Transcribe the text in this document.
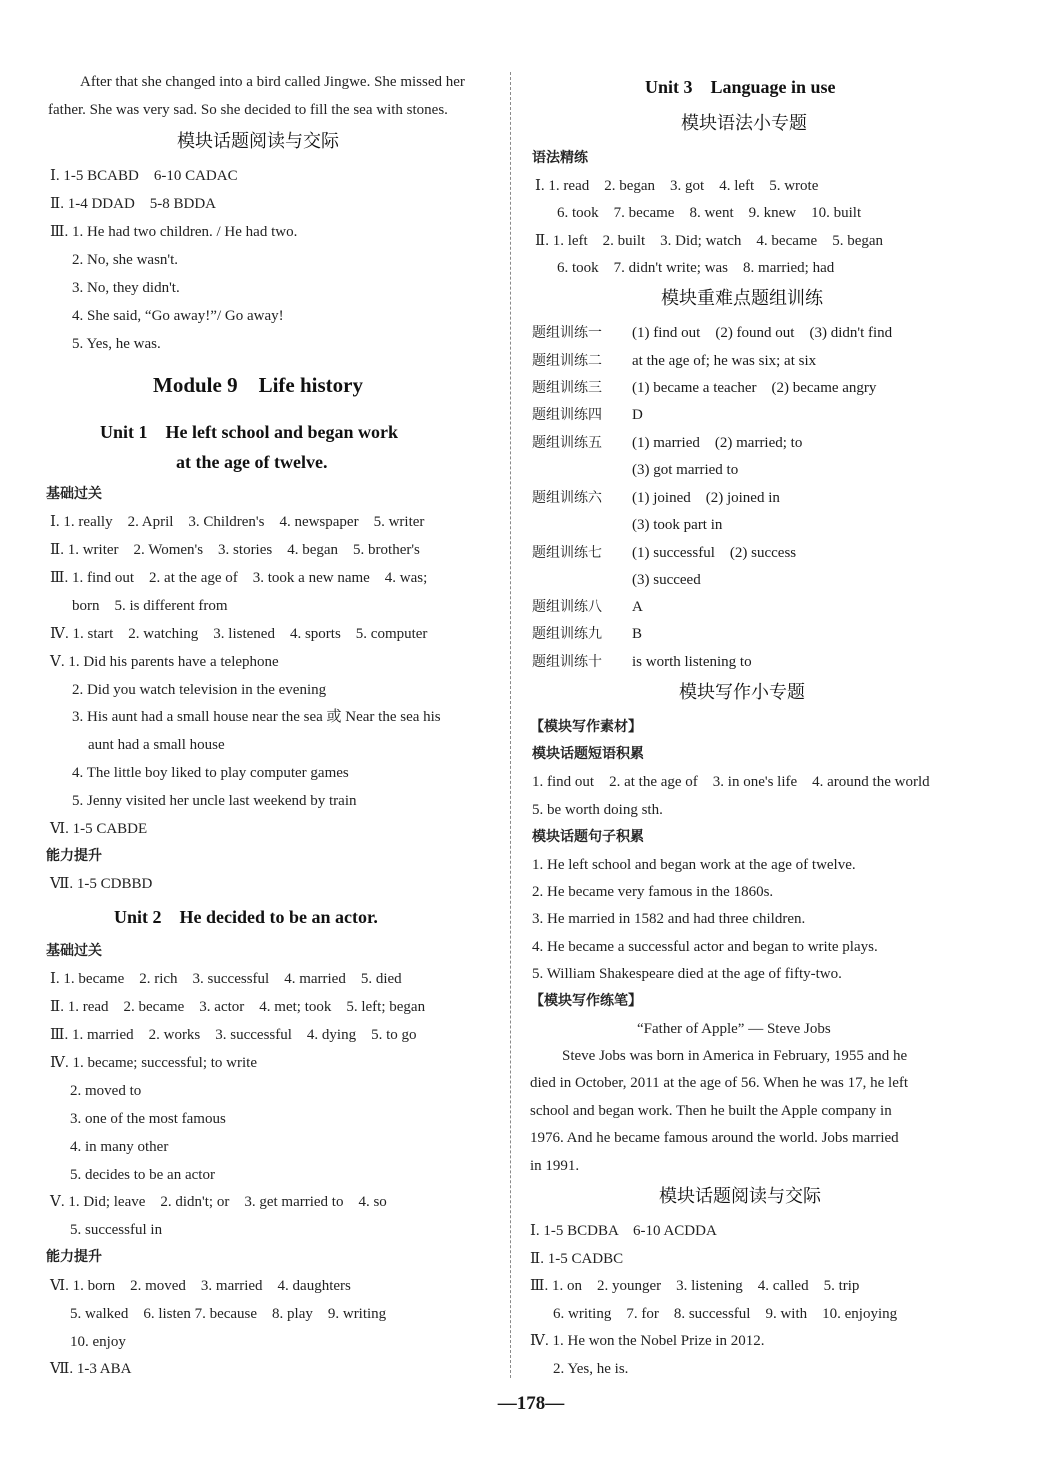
After that she changed into a bird called Jingwe. She missed her
father. She was very sad. So she decided to fill the sea with stones.
模块话题阅读与交际
Ⅰ. 1-5 BCABD　6-10 CADAC
Ⅱ. 1-4 DDAD　5-8 BDDA
Ⅲ. 1. He had two children. / He had two.
2. No, she wasn't.
3. No, they didn't.
4. She said, “Go away!”/ Go away!
5. Yes, he was.
Module 9　Life history
Unit 1　He left school and began work
at the age of twelve.
基础过关
Ⅰ. 1. really　2. April　3. Children's　4. newspaper　5. writer
Ⅱ. 1. writer　2. Women's　3. stories　4. began　5. brother's
Ⅲ. 1. find out　2. at the age of　3. took a new name　4. was;
born　5. is different from
Ⅳ. 1. start　2. watching　3. listened　4. sports　5. computer
Ⅴ. 1. Did his parents have a telephone
2. Did you watch television in the evening
3. His aunt had a small house near the sea 或 Near the sea his
aunt had a small house
4. The little boy liked to play computer games
5. Jenny visited her uncle last weekend by train
Ⅵ. 1-5 CABDE
能力提升
Ⅶ. 1-5 CDBBD
Unit 2　He decided to be an actor.
基础过关
Ⅰ. 1. became　2. rich　3. successful　4. married　5. died
Ⅱ. 1. read　2. became　3. actor　4. met; took　5. left; began
Ⅲ. 1. married　2. works　3. successful　4. dying　5. to go
Ⅳ. 1. became; successful; to write
2. moved to
3. one of the most famous
4. in many other
5. decides to be an actor
Ⅴ. 1. Did; leave　2. didn't; or　3. get married to　4. so
5. successful in
能力提升
Ⅵ. 1. born　2. moved　3. married　4. daughters
5. walked　6. listen 7. because　8. play　9. writing
10. enjoy
Ⅶ. 1-3 ABA
Unit 3　Language in use
模块语法小专题
语法精练
Ⅰ. 1. read　2. began　3. got　4. left　5. wrote
6. took　7. became　8. went　9. knew　10. built
Ⅱ. 1. left　2. built　3. Did; watch　4. became　5. began
6. took　7. didn't write; was　8. married; had
模块重难点题组训练
题组训练一 (1) find out　(2) found out　(3) didn't find
题组训练二 at the age of; he was six; at six
题组训练三 (1) became a teacher　(2) became angry
题组训练四 D
题组训练五 (1) married　(2) married; to
(3) got married to
题组训练六 (1) joined　(2) joined in
(3) took part in
题组训练七 (1) successful　(2) success
(3) succeed
题组训练八 A
题组训练九 B
题组训练十 is worth listening to
模块写作小专题
【模块写作素材】
模块话题短语积累
1. find out　2. at the age of　3. in one's life　4. around the world
5. be worth doing sth.
模块话题句子积累
1. He left school and began work at the age of twelve.
2. He became very famous in the 1860s.
3. He married in 1582 and had three children.
4. He became a successful actor and began to write plays.
5. William Shakespeare died at the age of fifty-two.
【模块写作练笔】
“Father of Apple” — Steve Jobs
Steve Jobs was born in America in February, 1955 and he
died in October, 2011 at the age of 56. When he was 17, he left
school and began work. Then he built the Apple company in
1976. And he became famous around the world. Jobs married
in 1991.
模块话题阅读与交际
Ⅰ. 1-5 BCDBA　6-10 ACDDA
Ⅱ. 1-5 CADBC
Ⅲ. 1. on　2. younger　3. listening　4. called　5. trip
6. writing　7. for　8. successful　9. with　10. enjoying
Ⅳ. 1. He won the Nobel Prize in 2012.
2. Yes, he is.
—178—
